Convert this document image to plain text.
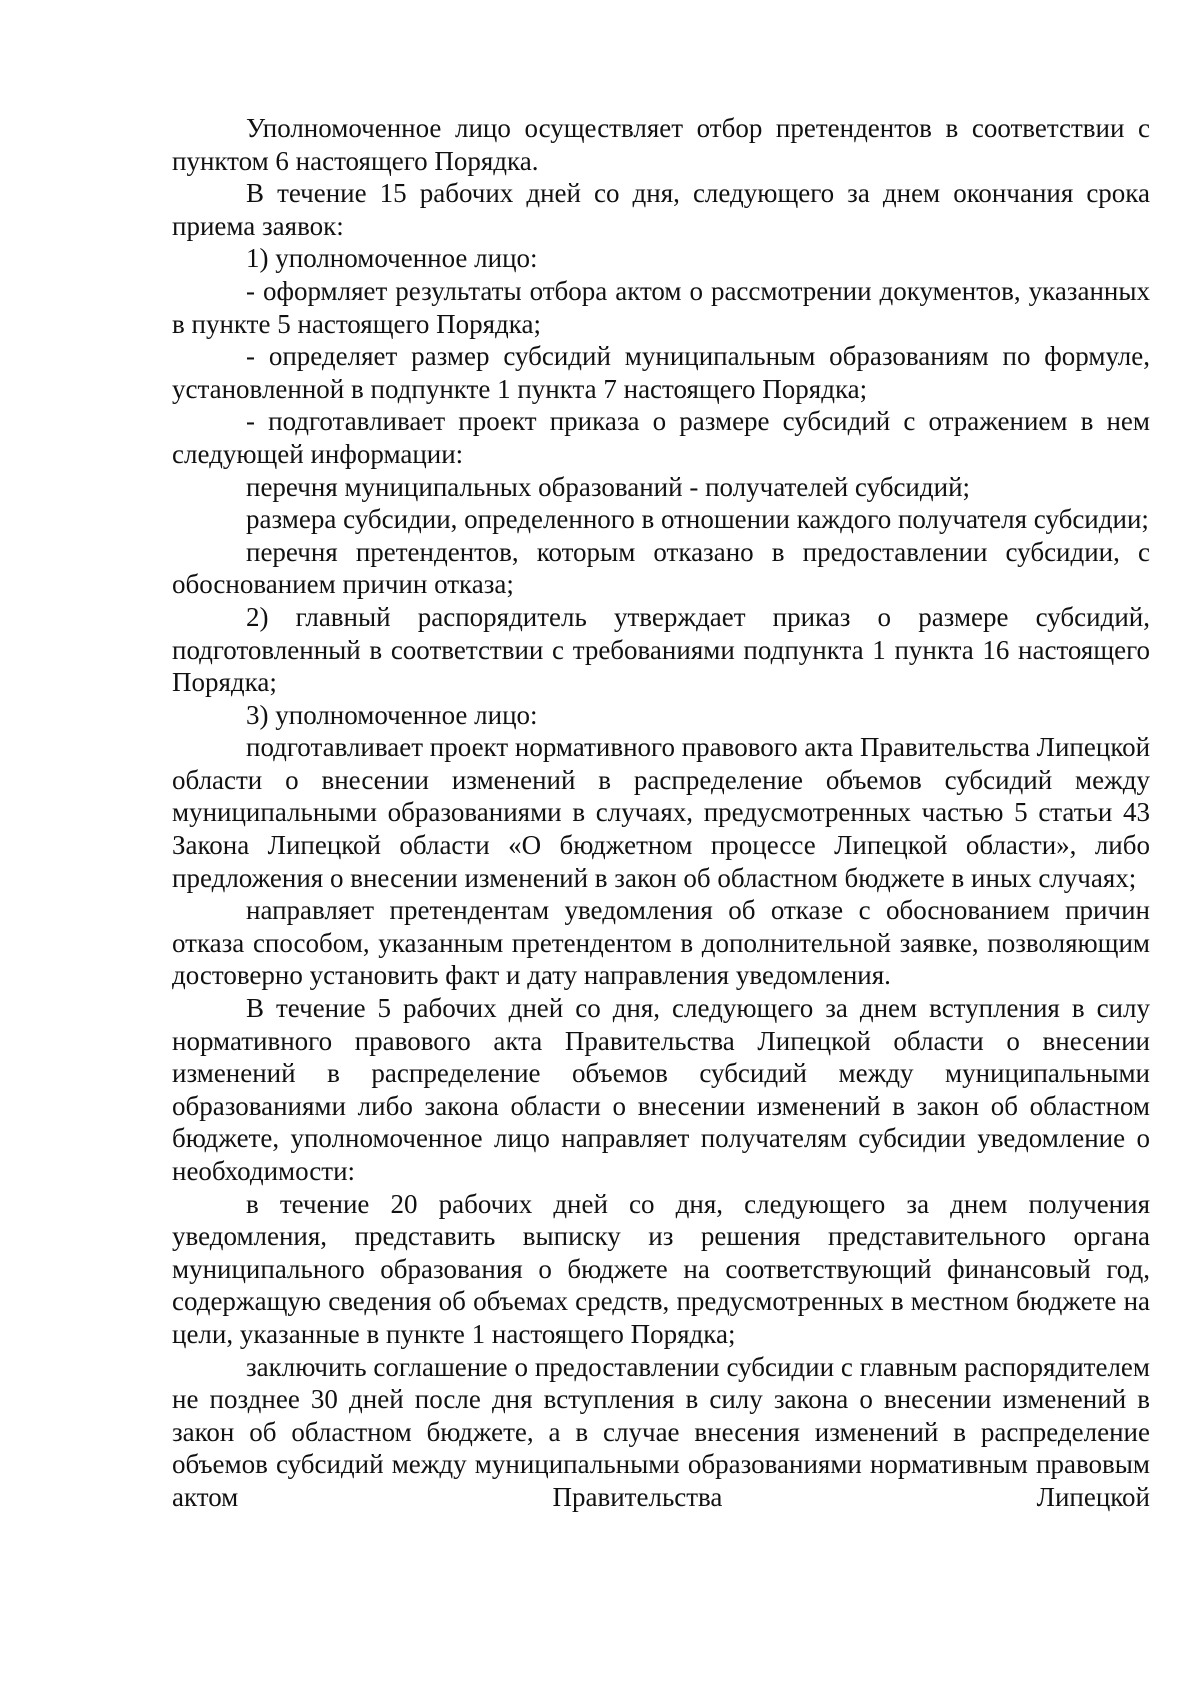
Уполномоченное лицо осуществляет отбор претендентов в соответствии с пунктом 6 настоящего Порядка.

В течение 15 рабочих дней со дня, следующего за днем окончания срока приема заявок:

1) уполномоченное лицо:

- оформляет результаты отбора актом о рассмотрении документов, указанных в пункте 5 настоящего Порядка;

- определяет размер субсидий муниципальным образованиям по формуле, установленной в подпункте 1 пункта 7 настоящего Порядка;

- подготавливает проект приказа о размере субсидий с отражением в нем следующей информации:

перечня муниципальных образований - получателей субсидий;

размера субсидии, определенного в отношении каждого получателя субсидии;

перечня претендентов, которым отказано в предоставлении субсидии, с обоснованием причин отказа;

2) главный распорядитель утверждает приказ о размере субсидий, подготовленный в соответствии с требованиями подпункта 1 пункта 16 настоящего Порядка;

3) уполномоченное лицо:

подготавливает проект нормативного правового акта Правительства Липецкой области о внесении изменений в распределение объемов субсидий между муниципальными образованиями в случаях, предусмотренных частью 5 статьи 43 Закона Липецкой области «О бюджетном процессе Липецкой области», либо предложения о внесении изменений в закон об областном бюджете в иных случаях;

направляет претендентам уведомления об отказе с обоснованием причин отказа способом, указанным претендентом в дополнительной заявке, позволяющим достоверно установить факт и дату направления уведомления.

В течение 5 рабочих дней со дня, следующего за днем вступления в силу нормативного правового акта Правительства Липецкой области о внесении изменений в распределение объемов субсидий между муниципальными образованиями либо закона области о внесении изменений в закон об областном бюджете, уполномоченное лицо направляет получателям субсидии уведомление о необходимости:

в течение 20 рабочих дней со дня, следующего за днем получения уведомления, представить выписку из решения представительного органа муниципального образования о бюджете на соответствующий финансовый год, содержащую сведения об объемах средств, предусмотренных в местном бюджете на цели, указанные в пункте 1 настоящего Порядка;

заключить соглашение о предоставлении субсидии с главным распорядителем не позднее 30 дней после дня вступления в силу закона о внесении изменений в закон об областном бюджете, а в случае внесения изменений в распределение объемов субсидий между муниципальными образованиями нормативным правовым актом Правительства Липецкой
